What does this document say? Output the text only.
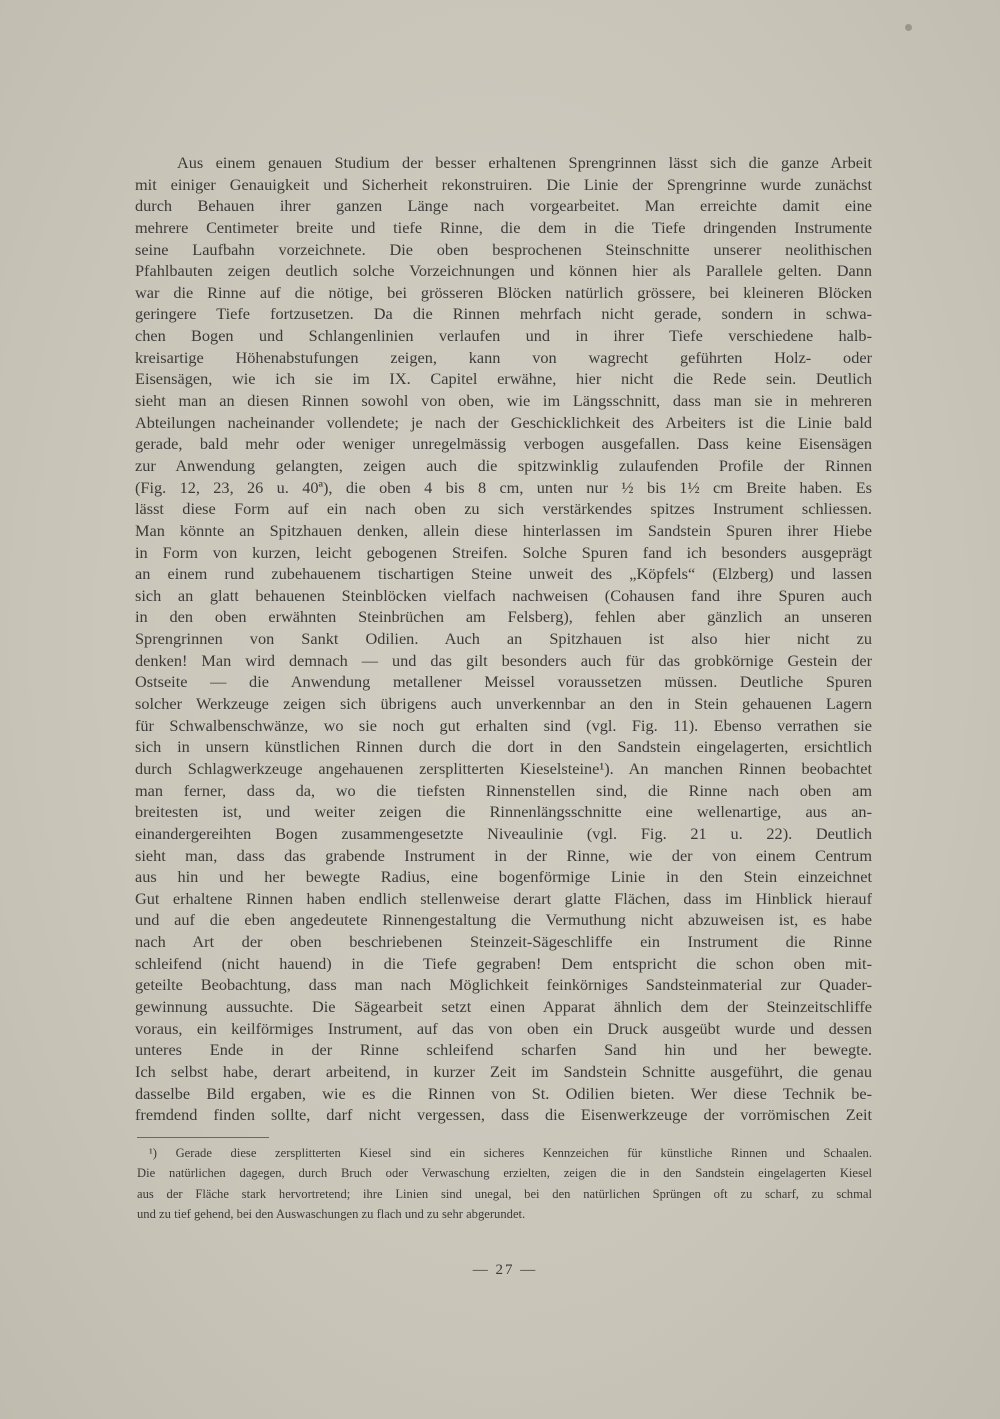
Aus einem genauen Studium der besser erhaltenen Sprengrinnen lässt sich die ganze Arbeit
mit einiger Genauigkeit und Sicherheit rekonstruiren. Die Linie der Sprengrinne wurde zunächst
durch Behauen ihrer ganzen Länge nach vorgearbeitet. Man erreichte damit eine
mehrere Centimeter breite und tiefe Rinne, die dem in die Tiefe dringenden Instrumente
seine Laufbahn vorzeichnete. Die oben besprochenen Steinschnitte unserer neolithischen
Pfahlbauten zeigen deutlich solche Vorzeichnungen und können hier als Parallele gelten. Dann
war die Rinne auf die nötige, bei grösseren Blöcken natürlich grössere, bei kleineren Blöcken
geringere Tiefe fortzusetzen. Da die Rinnen mehrfach nicht gerade, sondern in schwa-
chen Bogen und Schlangenlinien verlaufen und in ihrer Tiefe verschiedene halb-
kreisartige Höhenabstufungen zeigen, kann von wagrecht geführten Holz- oder
Eisensägen, wie ich sie im IX. Capitel erwähne, hier nicht die Rede sein. Deutlich
sieht man an diesen Rinnen sowohl von oben, wie im Längsschnitt, dass man sie in mehreren
Abteilungen nacheinander vollendete; je nach der Geschicklichkeit des Arbeiters ist die Linie bald
gerade, bald mehr oder weniger unregelmässig verbogen ausgefallen. Dass keine Eisensägen
zur Anwendung gelangten, zeigen auch die spitzwinklig zulaufenden Profile der Rinnen
(Fig. 12, 23, 26 u. 40ª), die oben 4 bis 8 cm, unten nur ½ bis 1½ cm Breite haben. Es
lässt diese Form auf ein nach oben zu sich verstärkendes spitzes Instrument schliessen.
Man könnte an Spitzhauen denken, allein diese hinterlassen im Sandstein Spuren ihrer Hiebe
in Form von kurzen, leicht gebogenen Streifen. Solche Spuren fand ich besonders ausgeprägt
an einem rund zubehauenem tischartigen Steine unweit des „Köpfels“ (Elzberg) und lassen
sich an glatt behauenen Steinblöcken vielfach nachweisen (Cohausen fand ihre Spuren auch
in den oben erwähnten Steinbrüchen am Felsberg), fehlen aber gänzlich an unseren
Sprengrinnen von Sankt Odilien. Auch an Spitzhauen ist also hier nicht zu
denken! Man wird demnach — und das gilt besonders auch für das grobkörnige Gestein der
Ostseite — die Anwendung metallener Meissel voraussetzen müssen. Deutliche Spuren
solcher Werkzeuge zeigen sich übrigens auch unverkennbar an den in Stein gehauenen Lagern
für Schwalbenschwänze, wo sie noch gut erhalten sind (vgl. Fig. 11). Ebenso verrathen sie
sich in unsern künstlichen Rinnen durch die dort in den Sandstein eingelagerten, ersichtlich
durch Schlagwerkzeuge angehauenen zersplitterten Kieselsteine¹). An manchen Rinnen beobachtet
man ferner, dass da, wo die tiefsten Rinnenstellen sind, die Rinne nach oben am
breitesten ist, und weiter zeigen die Rinnenlängsschnitte eine wellenartige, aus an-
einandergereihten Bogen zusammengesetzte Niveaulinie (vgl. Fig. 21 u. 22). Deutlich
sieht man, dass das grabende Instrument in der Rinne, wie der von einem Centrum
aus hin und her bewegte Radius, eine bogenförmige Linie in den Stein einzeichnet
Gut erhaltene Rinnen haben endlich stellenweise derart glatte Flächen, dass im Hinblick hierauf
und auf die eben angedeutete Rinnengestaltung die Vermuthung nicht abzuweisen ist, es habe
nach Art der oben beschriebenen Steinzeit-Sägeschliffe ein Instrument die Rinne
schleifend (nicht hauend) in die Tiefe gegraben! Dem entspricht die schon oben mit-
geteilte Beobachtung, dass man nach Möglichkeit feinkörniges Sandsteinmaterial zur Quader-
gewinnung aussuchte. Die Sägearbeit setzt einen Apparat ähnlich dem der Steinzeitschliffe
voraus, ein keilförmiges Instrument, auf das von oben ein Druck ausgeübt wurde und dessen
unteres Ende in der Rinne schleifend scharfen Sand hin und her bewegte.
Ich selbst habe, derart arbeitend, in kurzer Zeit im Sandstein Schnitte ausgeführt, die genau
dasselbe Bild ergaben, wie es die Rinnen von St. Odilien bieten. Wer diese Technik be-
fremdend finden sollte, darf nicht vergessen, dass die Eisenwerkzeuge der vorrömischen Zeit
¹) Gerade diese zersplitterten Kiesel sind ein sicheres Kennzeichen für künstliche Rinnen und Schaalen.
Die natürlichen dagegen, durch Bruch oder Verwaschung erzielten, zeigen die in den Sandstein eingelagerten Kiesel
aus der Fläche stark hervortretend; ihre Linien sind unegal, bei den natürlichen Sprüngen oft zu scharf, zu schmal
und zu tief gehend, bei den Auswaschungen zu flach und zu sehr abgerundet.
— 27 —
